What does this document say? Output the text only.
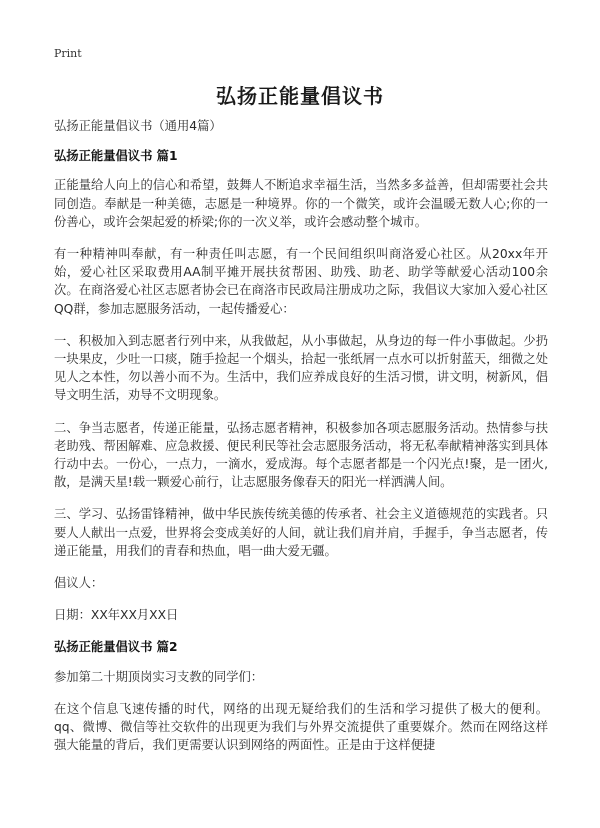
Print
弘扬正能量倡议书

弘扬正能量倡议书（通用4篇）

弘扬正能量倡议书 篇1

正能量给人向上的信心和希望，鼓舞人不断追求幸福生活，当然多多益善，但却需要社会共同创造。奉献是一种美德，志愿是一种境界。你的一个微笑，或许会温暖无数人心;你的一份善心，或许会架起爱的桥梁;你的一次义举，或许会感动整个城市。

有一种精神叫奉献，有一种责任叫志愿，有一个民间组织叫商洛爱心社区。从20xx年开始，爱心社区采取费用AA制平摊开展扶贫帮困、助残、助老、助学等献爱心活动100余次。在商洛爱心社区志愿者协会已在商洛市民政局注册成功之际，我倡议大家加入爱心社区QQ群，参加志愿服务活动，一起传播爱心：

一、积极加入到志愿者行列中来，从我做起，从小事做起，从身边的每一件小事做起。少扔一块果皮，少吐一口痰，随手捡起一个烟头，拾起一张纸屑一点水可以折射蓝天，细微之处见人之本性，勿以善小而不为。生活中，我们应养成良好的生活习惯，讲文明，树新风，倡导文明生活，劝导不文明现象。

二、争当志愿者，传递正能量，弘扬志愿者精神，积极参加各项志愿服务活动。热情参与扶老助残、帮困解难、应急救援、便民利民等社会志愿服务活动，将无私奉献精神落实到具体行动中去。一份心，一点力，一滴水，爱成海。每个志愿者都是一个闪光点!聚，是一团火,散，是满天星!载一颗爱心前行，让志愿服务像春天的阳光一样洒满人间。

三、学习、弘扬雷锋精神，做中华民族传统美德的传承者、社会主义道德规范的实践者。只要人人献出一点爱，世界将会变成美好的人间，就让我们肩并肩，手握手，争当志愿者，传递正能量，用我们的青春和热血，唱一曲大爱无疆。

倡议人：

日期：XX年XX月XX日

弘扬正能量倡议书 篇2

参加第二十期顶岗实习支教的同学们：

在这个信息飞速传播的时代，网络的出现无疑给我们的生活和学习提供了极大的便利。qq、微博、微信等社交软件的出现更为我们与外界交流提供了重要媒介。然而在网络这样强大能量的背后，我们更需要认识到网络的两面性。正是由于这样便捷
